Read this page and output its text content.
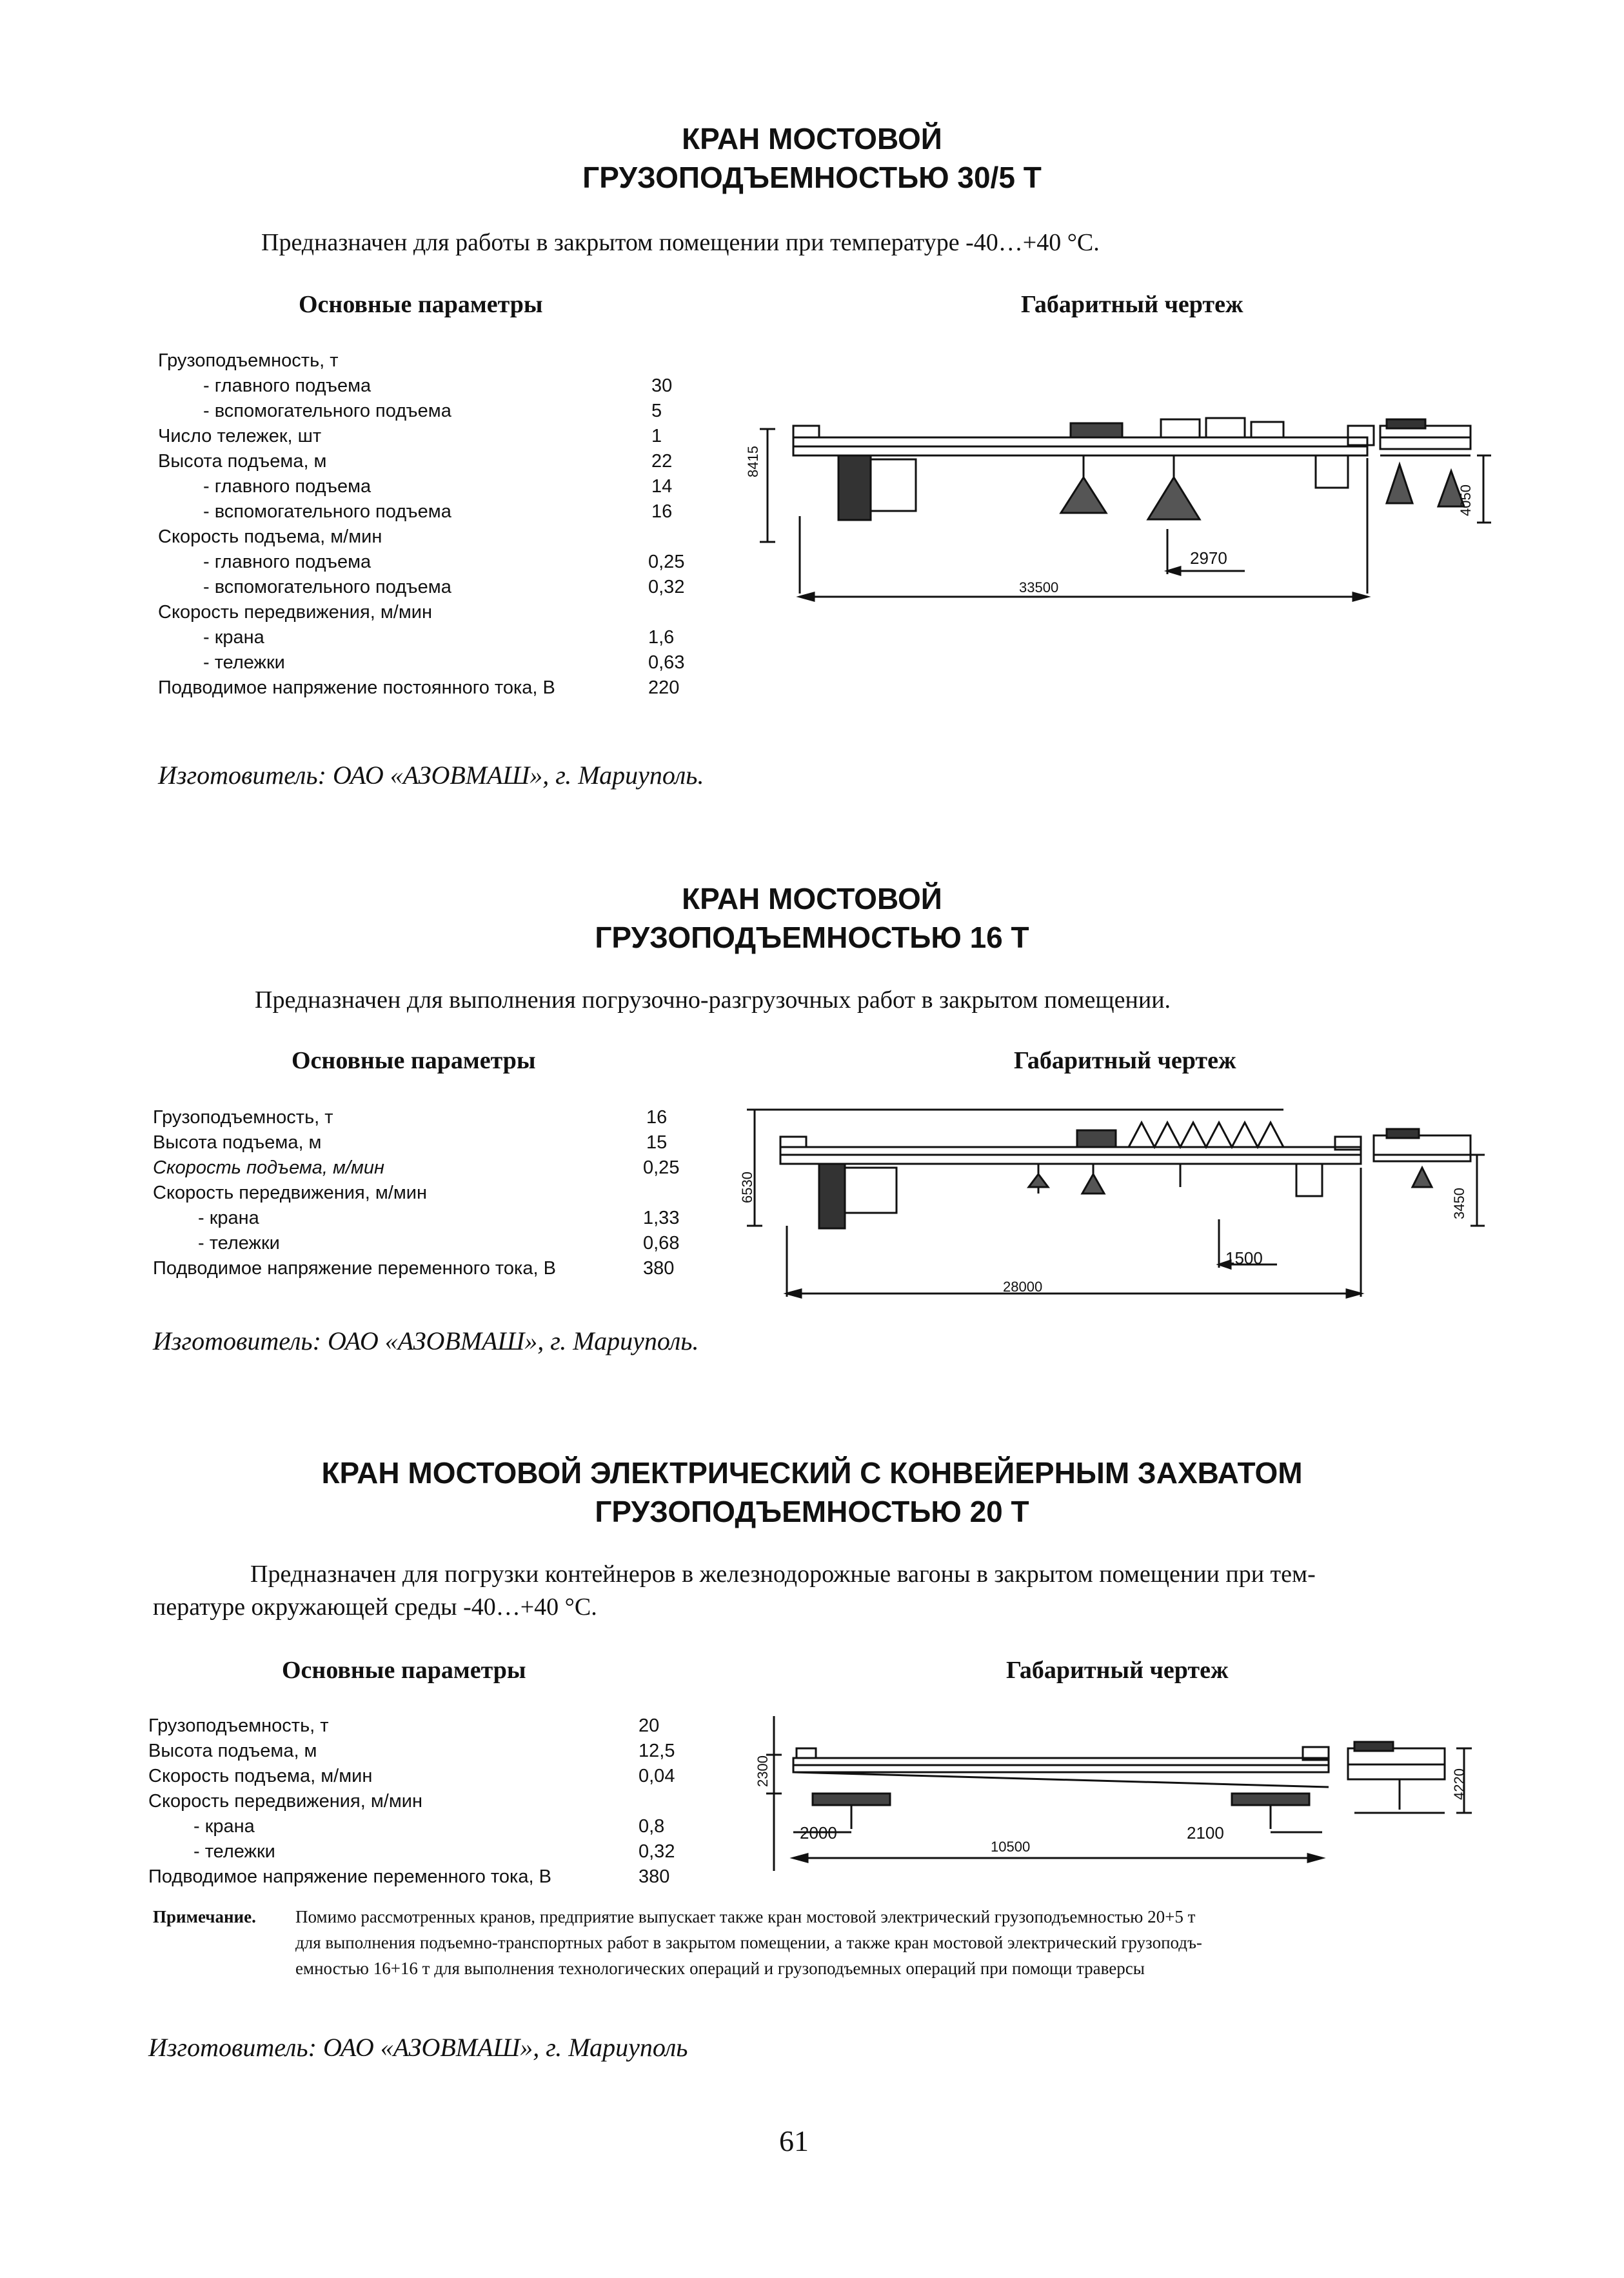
КРАН МОСТОВОЙ
ГРУЗОПОДЪЕМНОСТЬЮ 30/5 Т
Предназначен для работы в закрытом помещении при температуре -40…+40 °С.
Основные параметры	Габаритный чертеж
Грузоподъемность, т
- главного подъема	30
- вспомогательного подъема	5
Число тележек, шт	1
Высота подъема, м	22
- главного подъема	14
- вспомогательного подъема	16
Скорость подъема, м/мин
- главного подъема	0,25
- вспомогательного подъема	0,32
Скорость передвижения, м/мин
- крана	1,6
- тележки	0,63
Подводимое напряжение постоянного тока, В	220
8415
33500
2970
4050
Изготовитель: ОАО «АЗОВМАШ», г. Мариуполь.
КРАН МОСТОВОЙ
ГРУЗОПОДЪЕМНОСТЬЮ 16 Т
Предназначен для выполнения погрузочно-разгрузочных работ в закрытом помещении.
Основные параметры	Габаритный чертеж
Грузоподъемность, т	16
Высота подъема, м	15
Скорость подъема, м/мин	0,25
Скорость передвижения, м/мин
- крана	1,33
- тележки	0,68
Подводимое напряжение переменного тока, В	380
6530
28000
1500
3450
Изготовитель: ОАО «АЗОВМАШ», г. Мариуполь.
КРАН МОСТОВОЙ ЭЛЕКТРИЧЕСКИЙ С КОНВЕЙЕРНЫМ ЗАХВАТОМ
ГРУЗОПОДЪЕМНОСТЬЮ 20 Т
Предназначен для погрузки контейнеров в железнодорожные вагоны в закрытом помещении при тем-
пературе окружающей среды -40…+40 °С.
Основные параметры	Габаритный чертеж
Грузоподъемность, т	20
Высота подъема, м	12,5
Скорость подъема, м/мин	0,04
Скорость передвижения, м/мин
- крана	0,8
- тележки	0,32
Подводимое напряжение переменного тока, В	380
2300
10500
2000	2100
4220
Примечание. Помимо рассмотренных кранов, предприятие выпускает также кран мостовой электрический грузоподъемностью 20+5 т
для выполнения подъемно-транспортных работ в закрытом помещении, а также кран мостовой электрический грузоподъ-
емностью 16+16 т для выполнения технологических операций и грузоподъемных операций при помощи траверсы
Изготовитель: ОАО «АЗОВМАШ», г. Мариуполь
61
